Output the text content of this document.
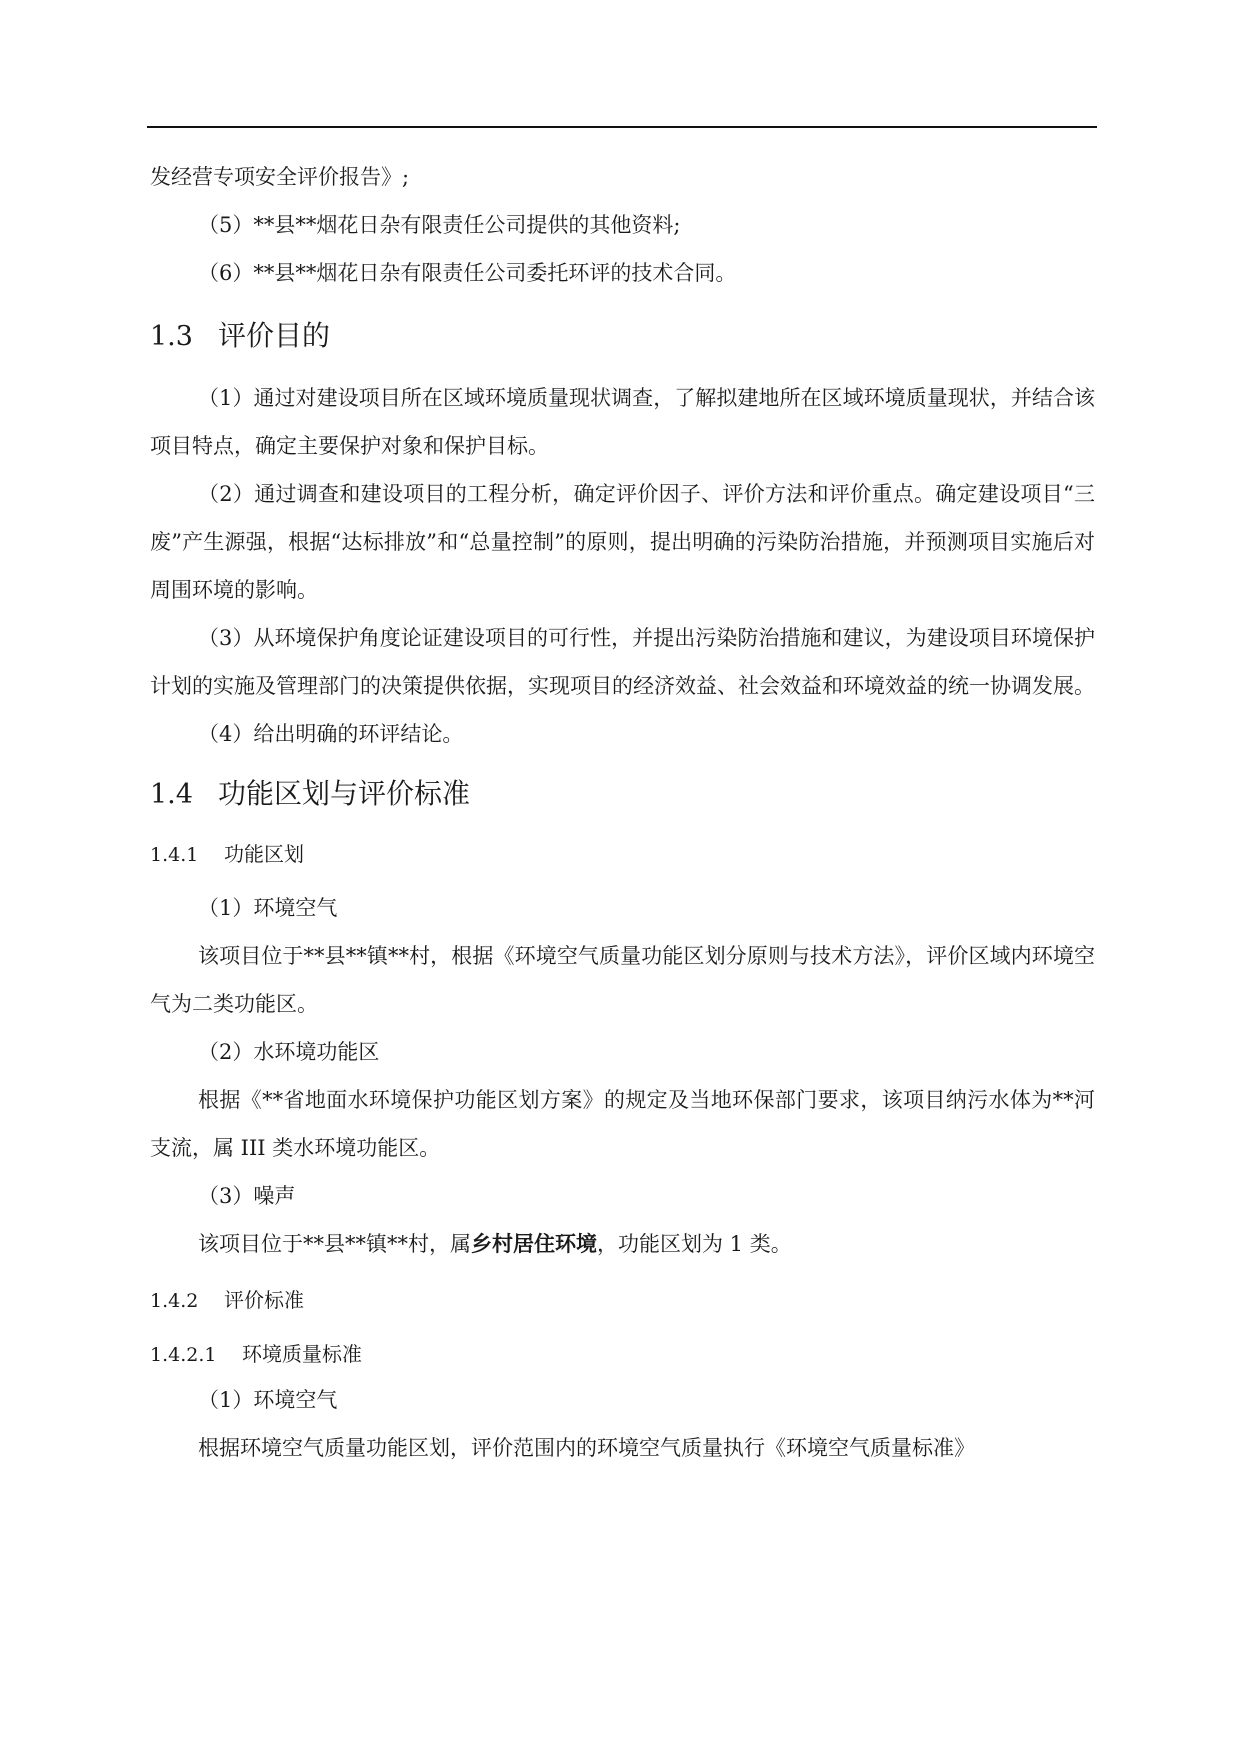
发经营专项安全评价报告》;
（5）**县**烟花日杂有限责任公司提供的其他资料;
（6）**县**烟花日杂有限责任公司委托环评的技术合同。
1.3 评价目的
（1）通过对建设项目所在区域环境质量现状调查，了解拟建地所在区域环境质量现状，并结合该项目特点，确定主要保护对象和保护目标。
（2）通过调查和建设项目的工程分析，确定评价因子、评价方法和评价重点。确定建设项目“三废”产生源强，根据“达标排放”和“总量控制”的原则，提出明确的污染防治措施，并预测项目实施后对周围环境的影响。
（3）从环境保护角度论证建设项目的可行性，并提出污染防治措施和建议，为建设项目环境保护计划的实施及管理部门的决策提供依据，实现项目的经济效益、社会效益和环境效益的统一协调发展。
（4）给出明确的环评结论。
1.4 功能区划与评价标准
1.4.1	功能区划
（1）环境空气
该项目位于**县**镇**村，根据《环境空气质量功能区划分原则与技术方法》，评价区域内环境空气为二类功能区。
（2）水环境功能区
根据《**省地面水环境保护功能区划方案》的规定及当地环保部门要求，该项目纳污水体为**河支流，属 III 类水环境功能区。
（3）噪声
该项目位于**县**镇**村，属乡村居住环境，功能区划为 1 类。
1.4.2	评价标准
1.4.2.1	环境质量标准
（1）环境空气
根据环境空气质量功能区划，评价范围内的环境空气质量执行《环境空气质量标准》
